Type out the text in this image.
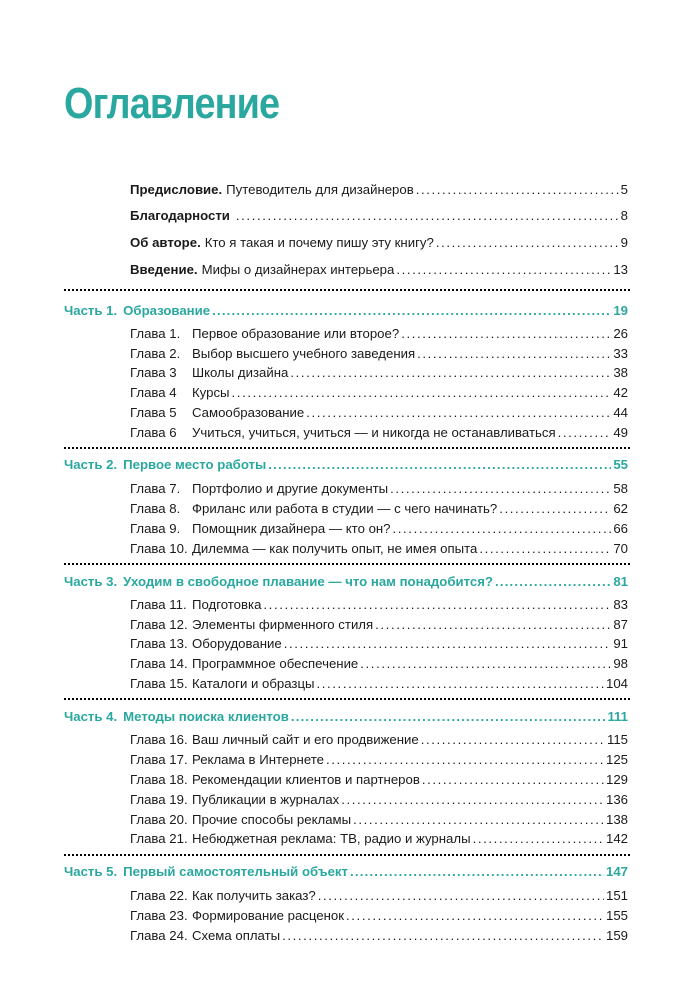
Оглавление
Предисловие. Путеводитель для дизайнеров .....	5
Благодарности .....	8
Об авторе. Кто я такая и почему пишу эту книгу? .....	9
Введение. Мифы о дизайнерах интерьера .....	13
Часть 1. Образование .....	19
Глава 1. Первое образование или второе? .....	26
Глава 2. Выбор высшего учебного заведения .....	33
Глава 3	Школы дизайна .....	38
Глава 4	Курсы .....	42
Глава 5	Самообразование .....	44
Глава 6	Учиться, учиться, учиться — и никогда не останавливаться .....	49
Часть 2. Первое место работы .....	55
Глава 7. Портфолио и другие документы .....	58
Глава 8. Фриланс или работа в студии — с чего начинать? .....	62
Глава 9. Помощник дизайнера — кто он? .....	66
Глава 10. Дилемма — как получить опыт, не имея опыта .....	70
Часть 3. Уходим в свободное плавание — что нам понадобится? .....	81
Глава 11. Подготовка .....	83
Глава 12. Элементы фирменного стиля .....	87
Глава 13. Оборудование .....	91
Глава 14. Программное обеспечение .....	98
Глава 15. Каталоги и образцы .....	104
Часть 4. Методы поиска клиентов .....	111
Глава 16. Ваш личный сайт и его продвижение .....	115
Глава 17. Реклама в Интернете .....	125
Глава 18. Рекомендации клиентов и партнеров .....	129
Глава 19. Публикации в журналах .....	136
Глава 20. Прочие способы рекламы .....	138
Глава 21. Небюджетная реклама: ТВ, радио и журналы .....	142
Часть 5. Первый самостоятельный объект .....	147
Глава 22. Как получить заказ? .....	151
Глава 23. Формирование расценок .....	155
Глава 24. Схема оплаты .....	159
